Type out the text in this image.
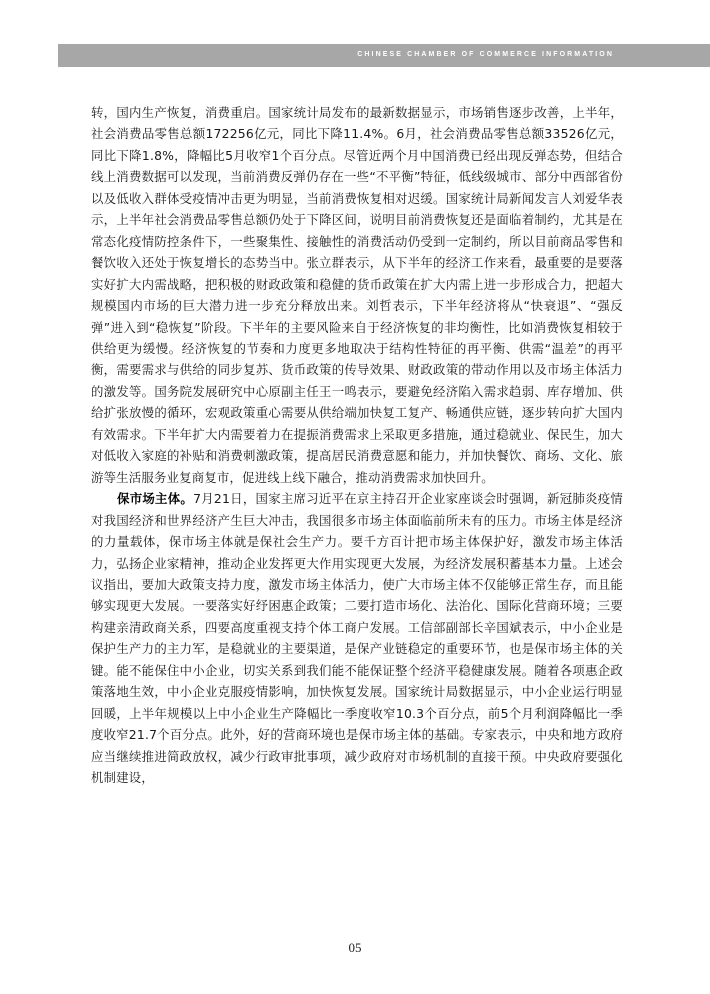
CHINESE CHAMBER OF COMMERCE INFORMATION

转，国内生产恢复，消费重启。国家统计局发布的最新数据显示，市场销售逐步改善，上半年，社会消费品零售总额172256亿元，同比下降11.4%。6月，社会消费品零售总额33526亿元，同比下降1.8%，降幅比5月收窄1个百分点。尽管近两个月中国消费已经出现反弹态势，但结合线上消费数据可以发现，当前消费反弹仍存在一些“不平衡”特征，低线级城市、部分中西部省份以及低收入群体受疫情冲击更为明显，当前消费恢复相对迟缓。国家统计局新闻发言人刘爱华表示，上半年社会消费品零售总额仍处于下降区间，说明目前消费恢复还是面临着制约，尤其是在常态化疫情防控条件下，一些聚集性、接触性的消费活动仍受到一定制约，所以目前商品零售和餐饮收入还处于恢复增长的态势当中。张立群表示，从下半年的经济工作来看，最重要的是要落实好扩大内需战略，把积极的财政政策和稳健的货币政策在扩大内需上进一步形成合力，把超大规模国内市场的巨大潜力进一步充分释放出来。刘哲表示，下半年经济将从“快衰退”、“强反弹”进入到“稳恢复”阶段。下半年的主要风险来自于经济恢复的非均衡性，比如消费恢复相较于供给更为缓慢。经济恢复的节奏和力度更多地取决于结构性特征的再平衡、供需“温差”的再平衡，需要需求与供给的同步复苏、货币政策的传导效果、财政政策的带动作用以及市场主体活力的激发等。国务院发展研究中心原副主任王一鸣表示，要避免经济陷入需求趋弱、库存增加、供给扩张放慢的循环，宏观政策重心需要从供给端加快复工复产、畅通供应链，逐步转向扩大国内有效需求。下半年扩大内需要着力在提振消费需求上采取更多措施，通过稳就业、保民生，加大对低收入家庭的补贴和消费刺激政策，提高居民消费意愿和能力，并加快餐饮、商场、文化、旅游等生活服务业复商复市，促进线上线下融合，推动消费需求加快回升。

保市场主体。7月21日，国家主席习近平在京主持召开企业家座谈会时强调，新冠肺炎疫情对我国经济和世界经济产生巨大冲击，我国很多市场主体面临前所未有的压力。市场主体是经济的力量载体，保市场主体就是保社会生产力。要千方百计把市场主体保护好，激发市场主体活力，弘扬企业家精神，推动企业发挥更大作用实现更大发展，为经济发展积蓄基本力量。上述会议指出，要加大政策支持力度，激发市场主体活力，使广大市场主体不仅能够正常生存，而且能够实现更大发展。一要落实好纾困惠企政策；二要打造市场化、法治化、国际化营商环境；三要构建亲清政商关系，四要高度重视支持个体工商户发展。工信部副部长辛国斌表示，中小企业是保护生产力的主力军，是稳就业的主要渠道，是保产业链稳定的重要环节，也是保市场主体的关键。能不能保住中小企业，切实关系到我们能不能保证整个经济平稳健康发展。随着各项惠企政策落地生效，中小企业克服疫情影响，加快恢复发展。国家统计局数据显示，中小企业运行明显回暖，上半年规模以上中小企业生产降幅比一季度收窄10.3个百分点，前5个月利润降幅比一季度收窄21.7个百分点。此外，好的营商环境也是保市场主体的基础。专家表示，中央和地方政府应当继续推进简政放权，减少行政审批事项，减少政府对市场机制的直接干预。中央政府要强化机制建设，

05
